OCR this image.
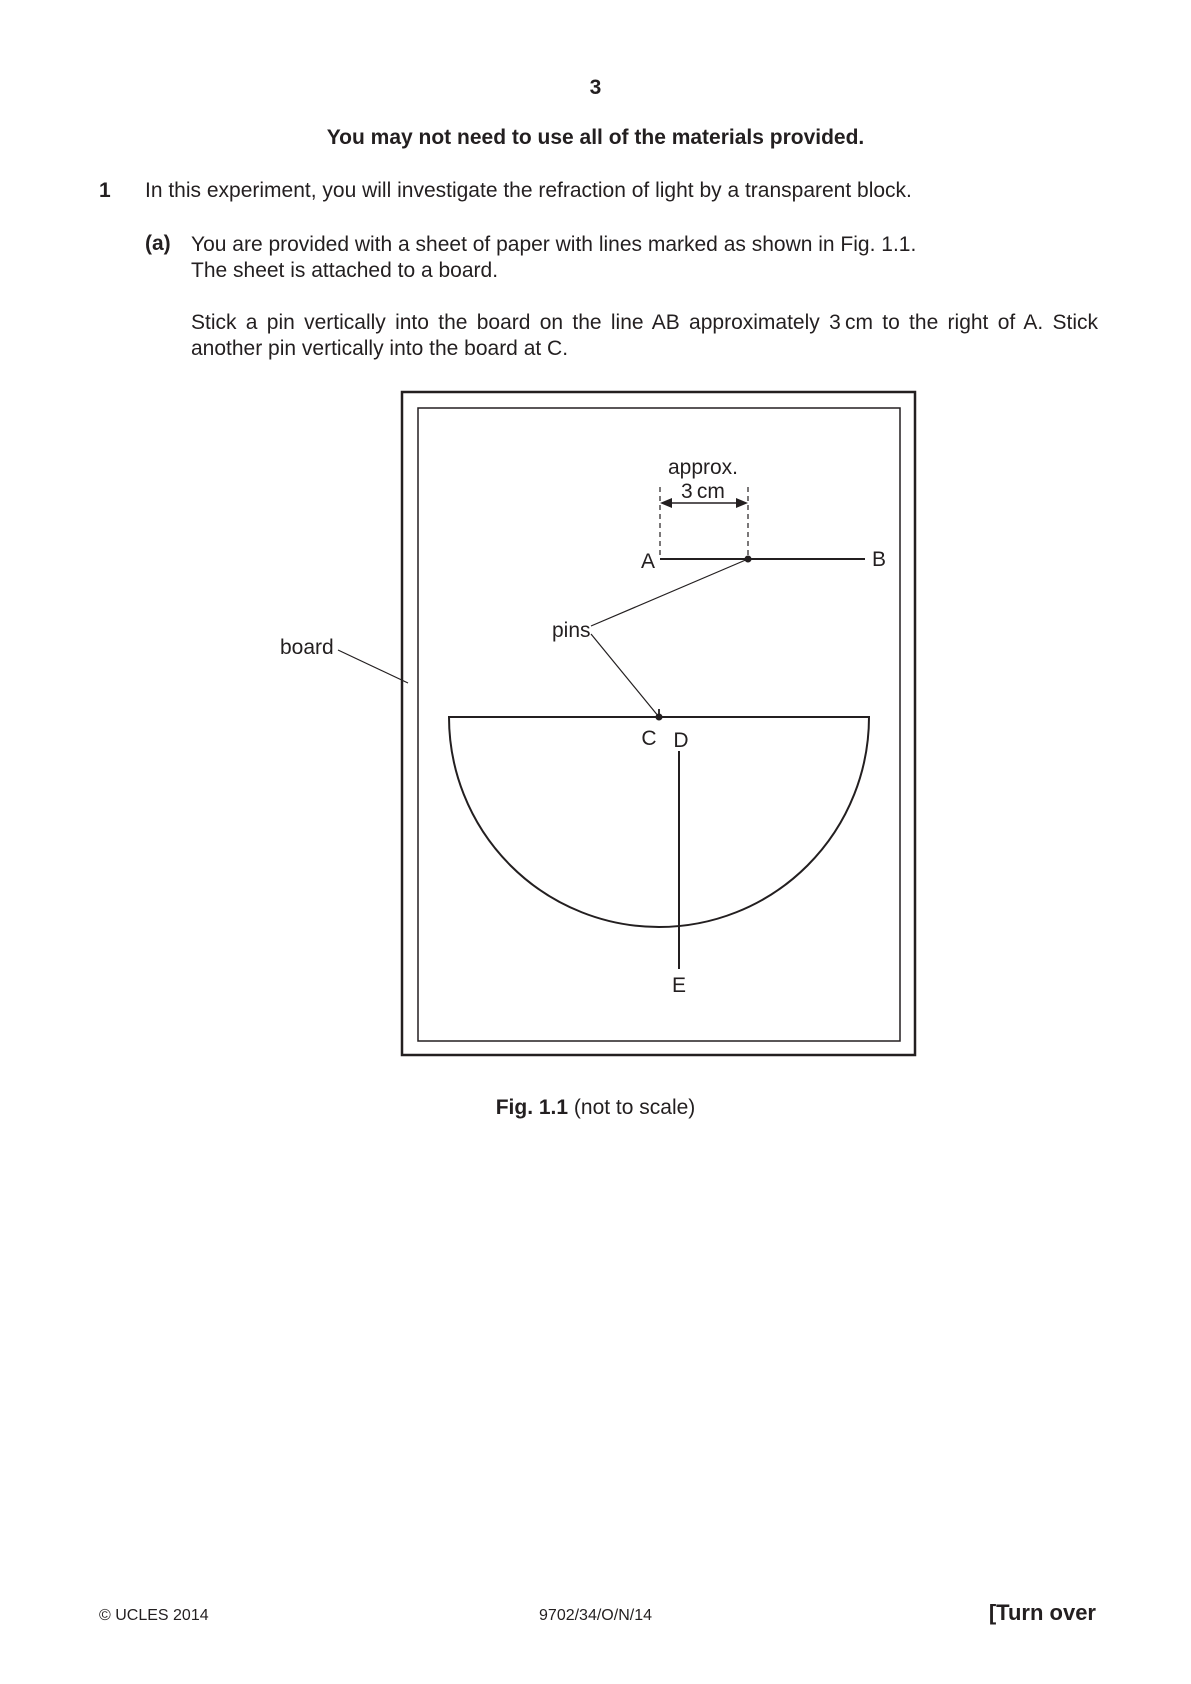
3
You may not need to use all of the materials provided.
1 In this experiment, you will investigate the refraction of light by a transparent block.
(a) You are provided with a sheet of paper with lines marked as shown in Fig. 1.1.
The sheet is attached to a board.
Stick a pin vertically into the board on the line AB approximately 3 cm to the right of A. Stick another pin vertically into the board at C.
approx.
3 cm
A	B
pins
board
C D
E
Fig. 1.1 (not to scale)
© UCLES 2014	9702/34/O/N/14	[Turn over
